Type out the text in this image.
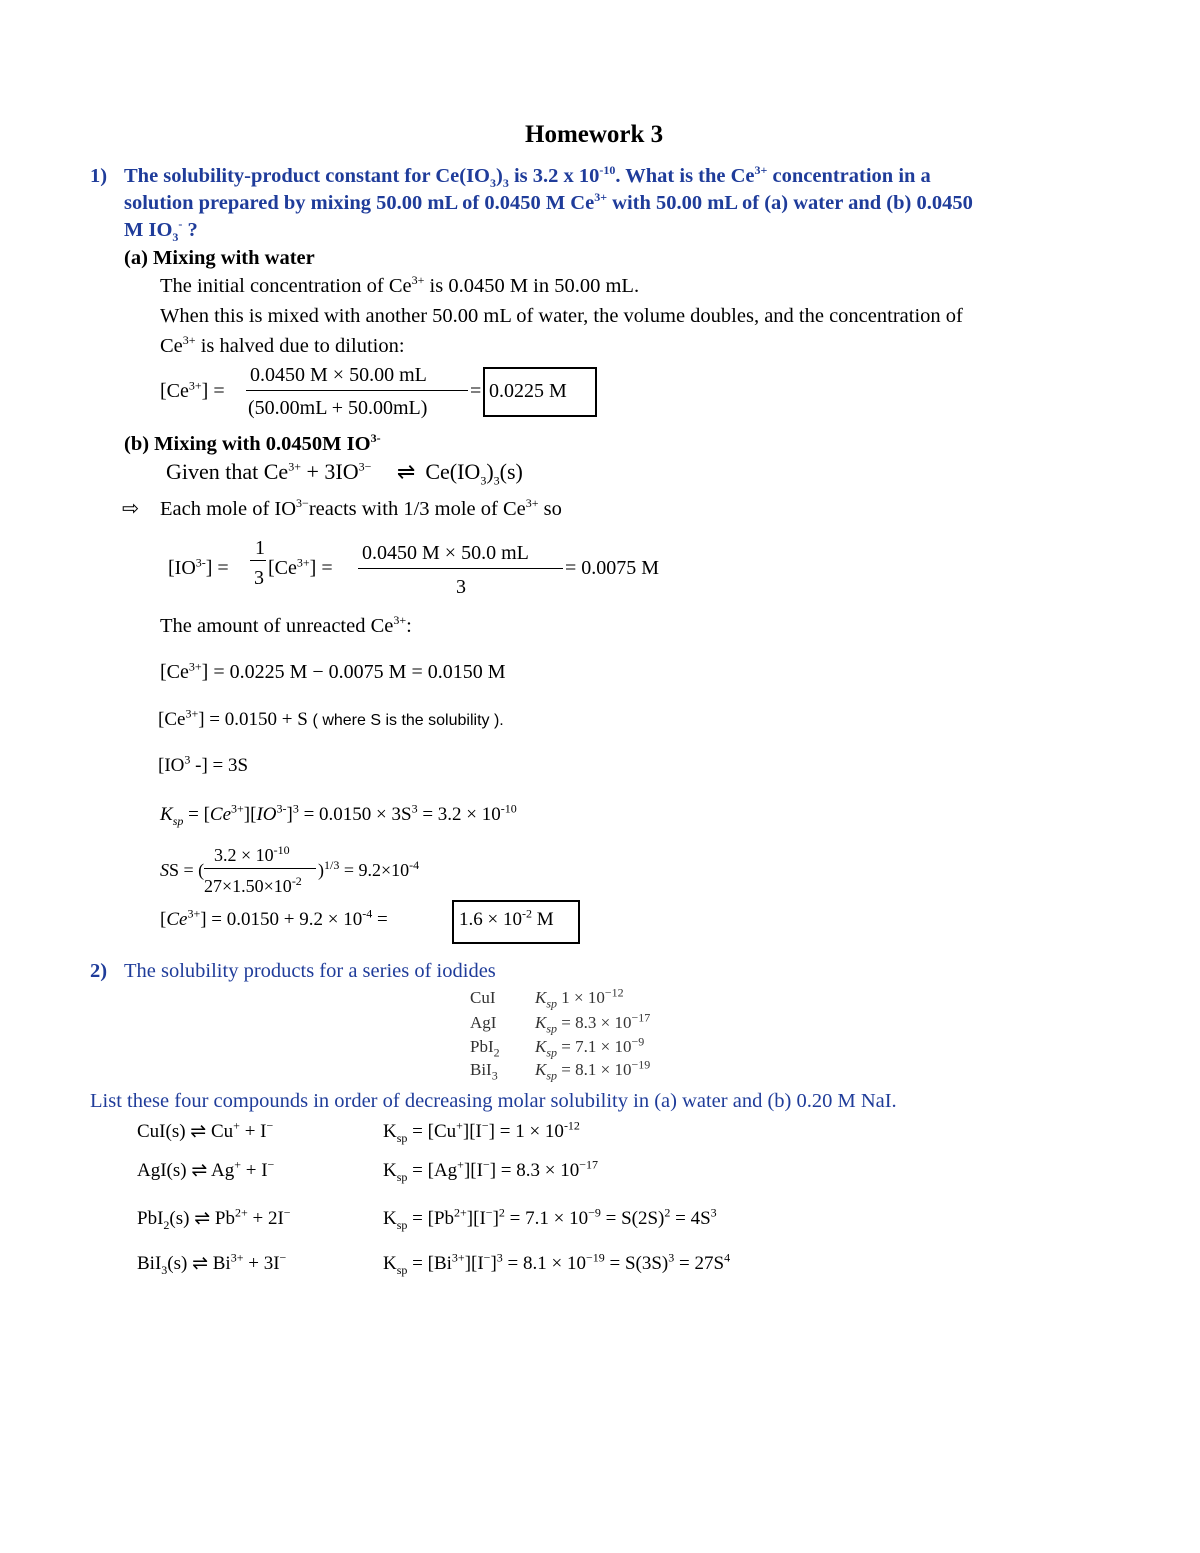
Homework 3
1) The solubility-product constant for $Ce(IO_3)_3$ is 3.2 x $10^{-10}$. What is the $Ce^{3+}$ concentration in a
solution prepared by mixing 50.00 mL of 0.0450 M $Ce^{3+}$ with 50.00 mL of (a) water and (b) 0.0450
M $IO_3^-$ ?
(a) Mixing with water
The initial concentration of $Ce^{3+}$ is 0.0450 M in 50.00 mL.
When this is mixed with another 50.00 mL of water, the volume doubles, and the concentration of
$Ce^{3+}$ is halved due to dilution:
$[Ce^{3+}]$ =
0.0450 M × 50.00 mL
(50.00mL + 50.00mL)
= 0.0225 M
(b) Mixing with 0.0450M $IO^{3-}$
Given that $Ce^{3+} + 3IO^{3-}$ ⇌ $Ce(IO_3)_3(s)$
⇨ Each mole of $IO^{3-}reacts$ with 1/3 mole of $Ce^{3+}$ so
$[IO^{3-}]$ =
1
3 $[Ce^{3+}]$ =
0.0450 M × 50.0 mL
3
= 0.0075 M
The amount of unreacted $Ce^{3+}$:
$[Ce^{3+}] = 0.0225$ M − 0.0075 M = 0.0150 M
$[Ce^{3+}] = 0.0150 + S$ ( where S is the solubility ).
[$IO^3$ -] = 3S
$K_{sp} = [Ce^{3+}][IO^{3-}]^3 = 0.0150 \times 3S^3 = 3.2 \times 10^{-10}$
SS = (
$3.2 \times 10^{-10}$
$27\times 1.50\times 10^{-2}$
)$^{1/3} = 9.2\times 10^{-4}$
$[Ce^{3+}] = 0.0150 + 9.2 \times 10^{-4}$ =	$1.6 \times 10^{-2}$ M
2) The solubility products for a series of iodides
CuI $K_{sp}$ $1 \times 10^{-12}$
AgI $K_{sp} = 8.3 \times 10^{-17}$
PbI$_2$ $K_{sp} = 7.1 \times 10^{-9}$
BiI$_3$ $K_{sp} = 8.1 \times 10^{-19}$
List these four compounds in order of decreasing molar solubility in (a) water and (b) 0.20 M NaI.
CuI(s) ⇌ Cu+ + I−	$K_{sp} = [Cu^+][I^-] = 1 \times 10^{-12}$
AgI(s) ⇌ Ag+ + I−	$K_{sp} = [Ag^+][I^-] = 8.3 \times 10^{-17}$
PbI$_2$(s) ⇌ $Pb^{2+} + 2I^-$	$K_{sp} = [Pb^{2+}][I^-]^2 = 7.1 \times 10^{-9} = S(2S)^2 = 4S^3$
BiI$_3$(s) ⇌ $Bi^{3+} + 3I^-$	$K_{sp} = [Bi^{3+}][I^-]^3 = 8.1 \times 10^{-19} = S(3S)^3 = 27S^4$
